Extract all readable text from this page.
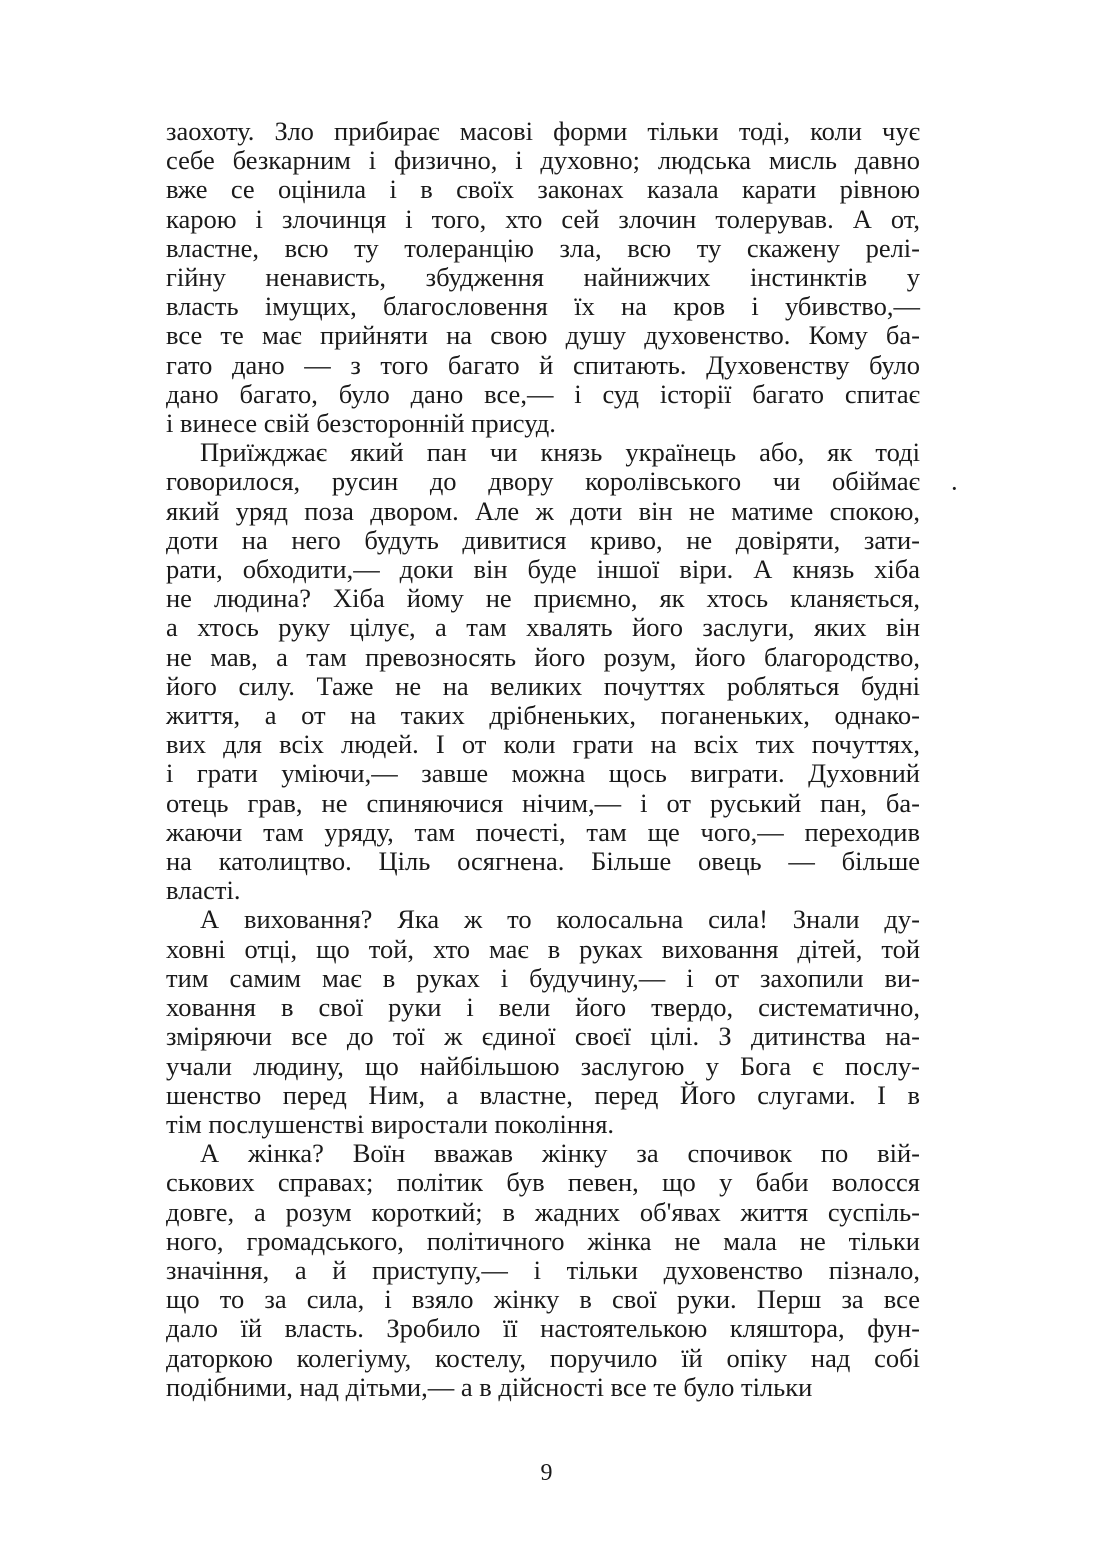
заохоту. Зло прибирає масові форми тільки тоді, коли чує
себе безкарним і физично, і духовно; людська мисль давно
вже се оцінила і в своїх законах казала карати рівною
карою і злочинця і того, хто сей злочин толерував. А от,
властне, всю ту толеранцію зла, всю ту скажену релі-
гійну ненависть, збудження найнижчих інстинктів у
власть імущих, благословення їх на кров і убивство,—
все те має прийняти на свою душу духовенство. Кому ба-
гато дано — з того багато й спитають. Духовенству було
дано багато, було дано все,— і суд історії багато спитає
і винесе свій безсторонній присуд.

Приїжджає який пан чи князь українець або, як тоді
говорилося, русин до двору королівського чи обіймає
який уряд поза двором. Але ж доти він не матиме спокою,
доти на него будуть дивитися криво, не довіряти, зати-
рати, обходити,— доки він буде іншої віри. А князь хіба
не людина? Хіба йому не приємно, як хтось кланяється,
а хтось руку цілує, а там хвалять його заслуги, яких він
не мав, а там превозносять його розум, його благородство,
його силу. Таже не на великих почуттях робляться будні
життя, а от на таких дрібненьких, поганеньких, однако-
вих для всіх людей. І от коли грати на всіх тих почуттях,
і грати уміючи,— завше можна щось виграти. Духовний
отець грав, не спиняючися нічим,— і от руський пан, ба-
жаючи там уряду, там почесті, там ще чого,— переходив
на католицтво. Ціль осягнена. Більше овець — більше
власті.

А виховання? Яка ж то колосальна сила! Знали ду-
ховні отці, що той, хто має в руках виховання дітей, той
тим самим має в руках і будучину,— і от захопили ви-
ховання в свої руки і вели його твердо, систематично,
зміряючи все до тої ж єдиної своєї цілі. З дитинства на-
учали людину, що найбільшою заслугою у Бога є послу-
шенство перед Ним, а властне, перед Його слугами. І в
тім послушенстві виростали покоління.

А жінка? Воїн вважав жінку за спочивок по вій-
ськових справах; політик був певен, що у баби волосся
довге, а розум короткий; в жадних об'явах життя суспіль-
ного, громадського, політичного жінка не мала не тільки
значіння, а й приступу,— і тільки духовенство пізнало,
що то за сила, і взяло жінку в свої руки. Перш за все
дало їй власть. Зробило її настоятелькою кляштора, фун-
даторкою колегіуму, костелу, поручило їй опіку над собі
подібними, над дітьми,— а в дійсності все те було тільки

·
9
